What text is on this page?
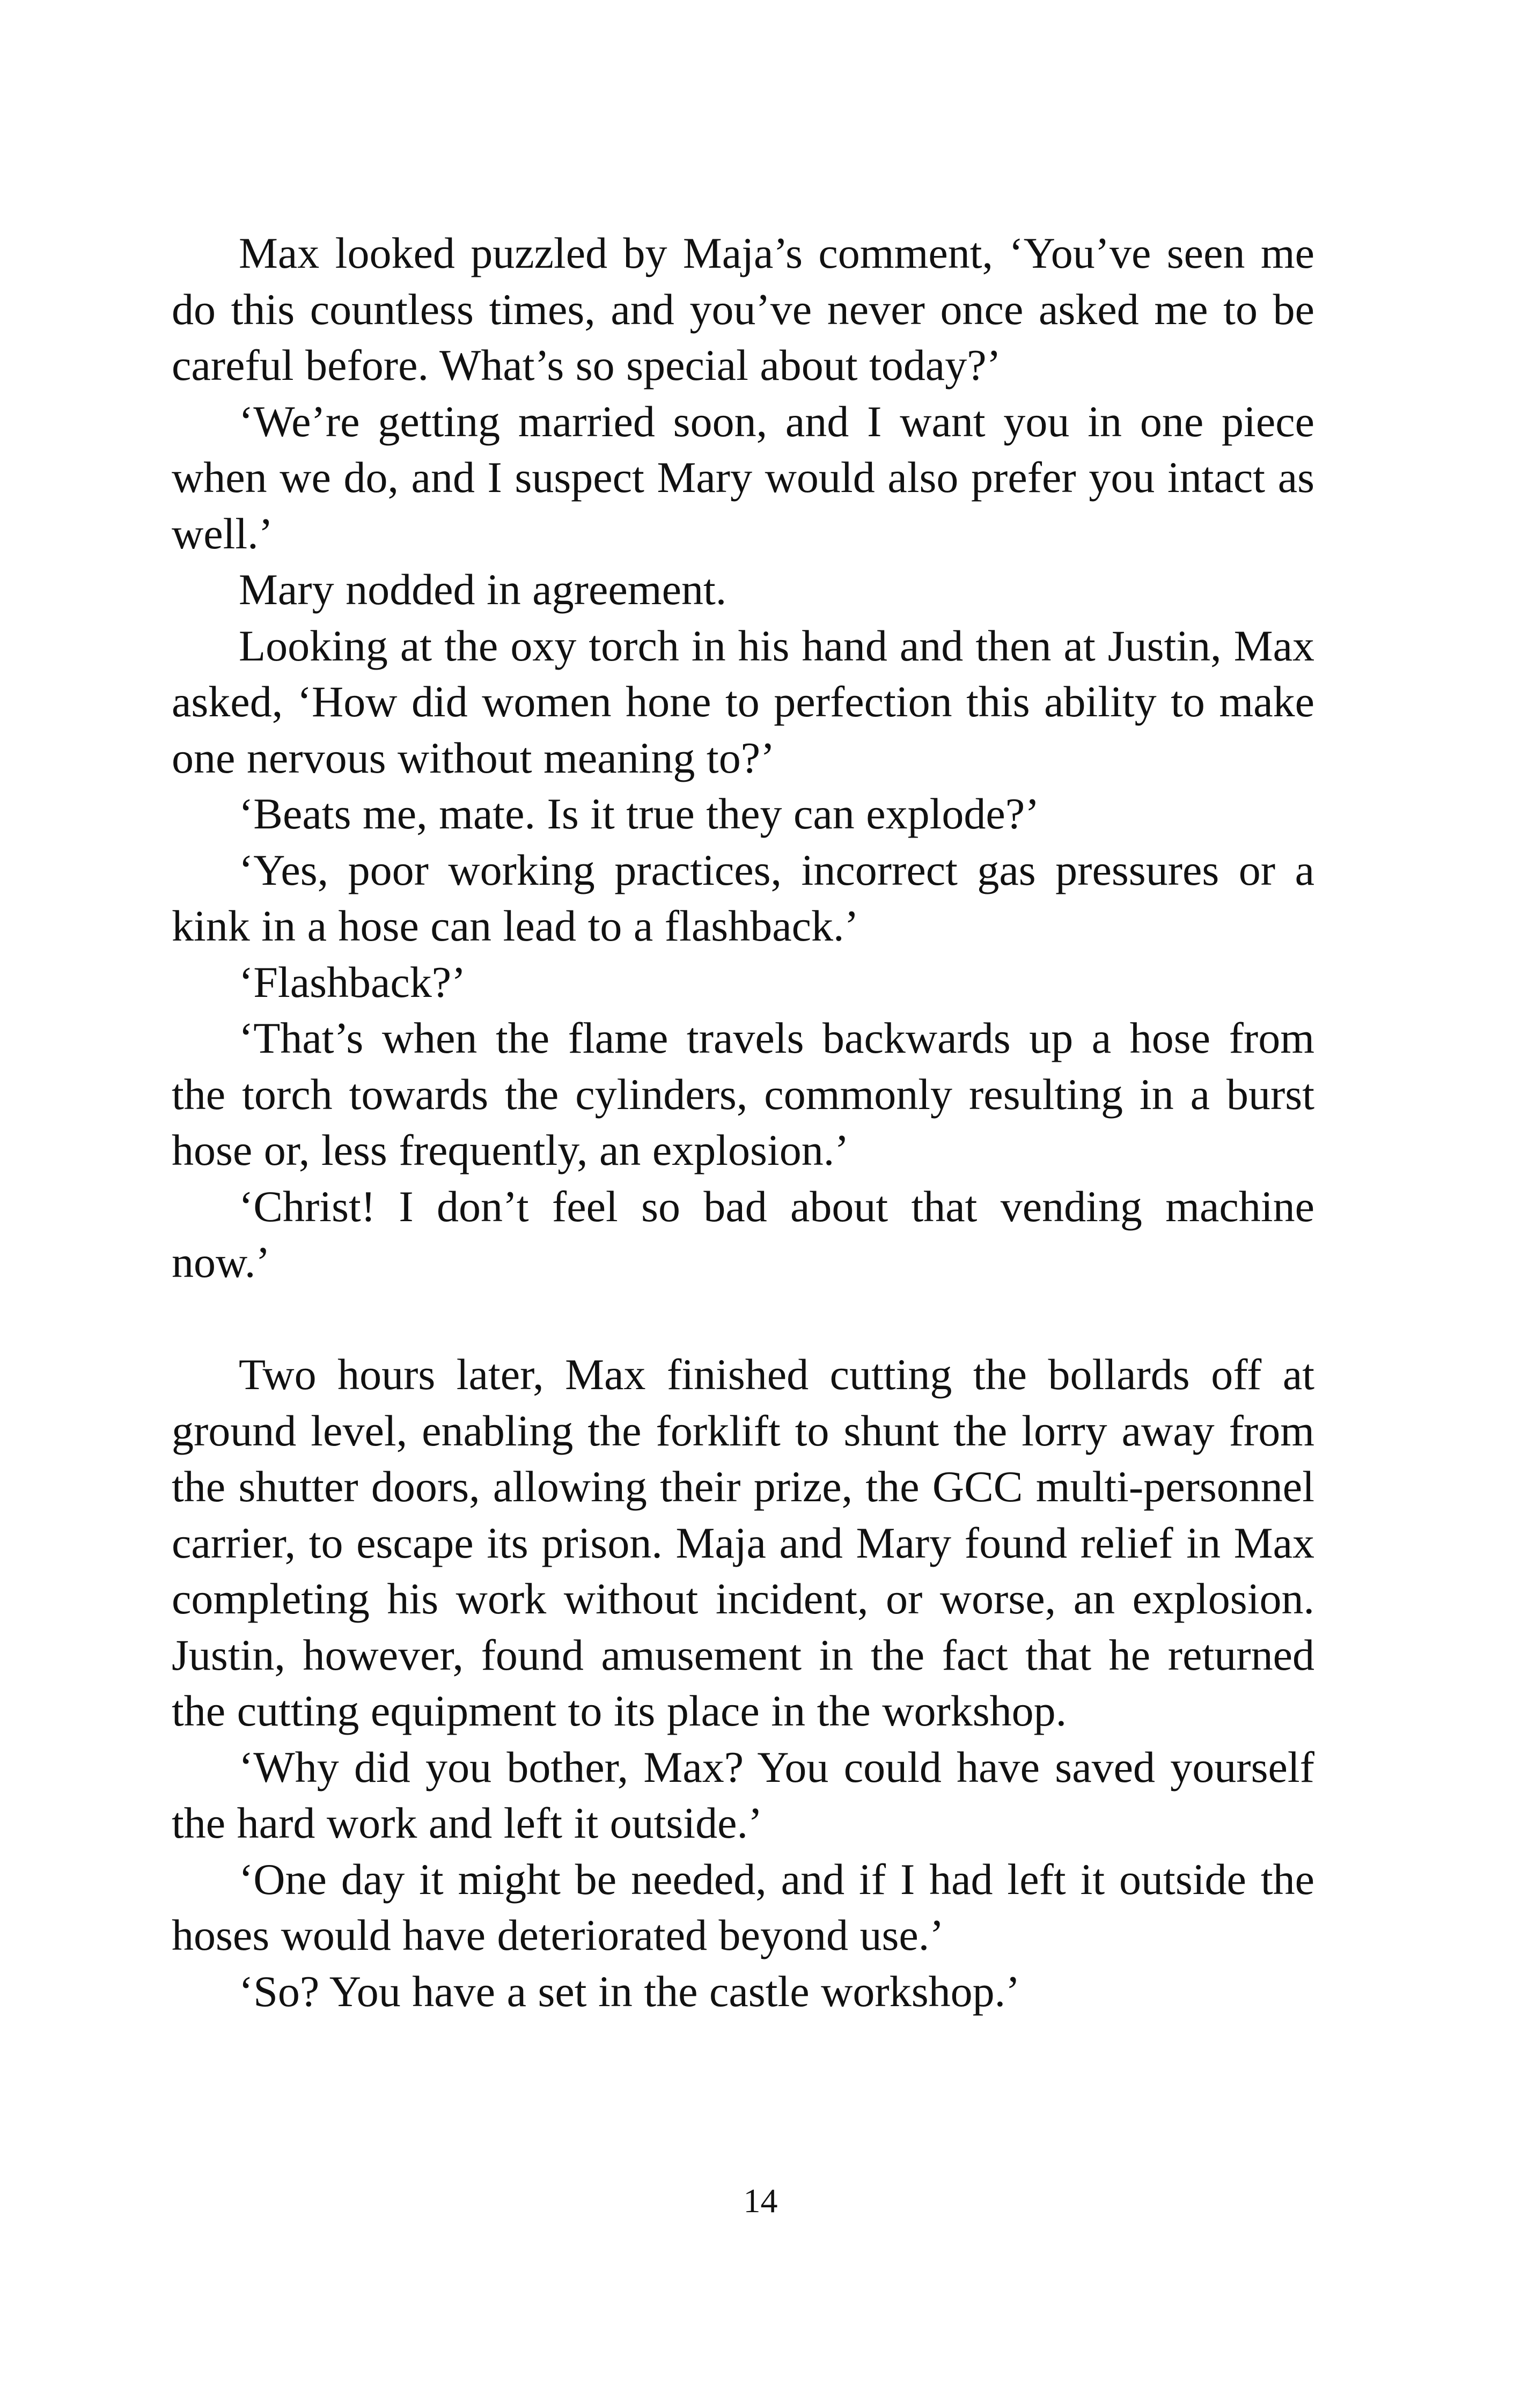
Max looked puzzled by Maja’s comment, ‘You’ve seen me do this countless times, and you’ve never once asked me to be careful before. What’s so special about today?’

‘We’re getting married soon, and I want you in one piece when we do, and I suspect Mary would also prefer you intact as well.’

Mary nodded in agreement.

Looking at the oxy torch in his hand and then at Justin, Max asked, ‘How did women hone to perfection this ability to make one nervous without meaning to?’

‘Beats me, mate. Is it true they can explode?’

‘Yes, poor working practices, incorrect gas pressures or a kink in a hose can lead to a flashback.’

‘Flashback?’

‘That’s when the flame travels backwards up a hose from the torch towards the cylinders, commonly resulting in a burst hose or, less frequently, an explosion.’

‘Christ! I don’t feel so bad about that vending machine now.’

Two hours later, Max finished cutting the bollards off at ground level, enabling the forklift to shunt the lorry away from the shutter doors, allowing their prize, the GCC multi-personnel carrier, to escape its prison. Maja and Mary found relief in Max completing his work without incident, or worse, an explosion. Justin, however, found amusement in the fact that he returned the cutting equipment to its place in the workshop.

‘Why did you bother, Max? You could have saved yourself the hard work and left it outside.’

‘One day it might be needed, and if I had left it outside the hoses would have deteriorated beyond use.’

‘So? You have a set in the castle workshop.’

14
